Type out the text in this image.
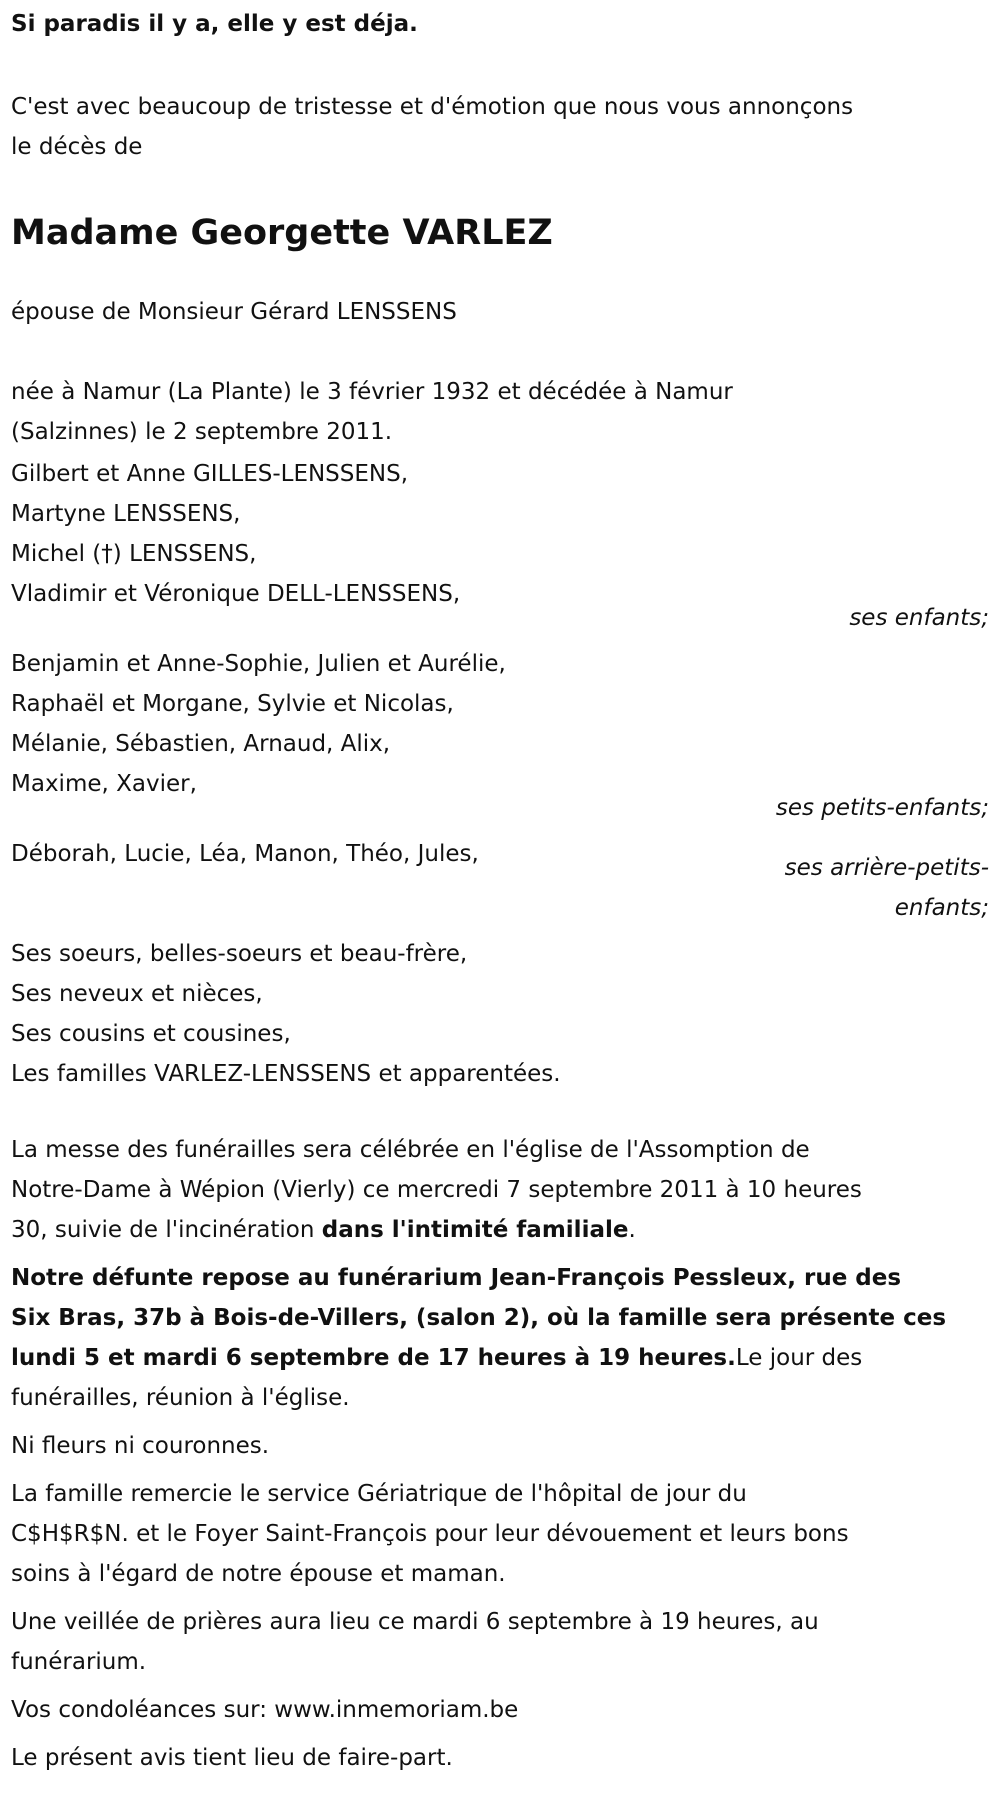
Si paradis il y a, elle y est déja.

C'est avec beaucoup de tristesse et d'émotion que nous vous annonçons
le décès de

Madame Georgette VARLEZ

épouse de Monsieur Gérard LENSSENS

née à Namur (La Plante) le 3 février 1932 et décédée à Namur
(Salzinnes) le 2 septembre 2011.

Gilbert et Anne GILLES-LENSSENS,
Martyne LENSSENS,
Michel (†) LENSSENS,
Vladimir et Véronique DELL-LENSSENS,
ses enfants;
Benjamin et Anne-Sophie, Julien et Aurélie,
Raphaël et Morgane, Sylvie et Nicolas,
Mélanie, Sébastien, Arnaud, Alix,
Maxime, Xavier,
ses petits-enfants;
Déborah, Lucie, Léa, Manon, Théo, Jules,
ses arrière-petits-
enfants;
Ses soeurs, belles-soeurs et beau-frère,
Ses neveux et nièces,
Ses cousins et cousines,
Les familles VARLEZ-LENSSENS et apparentées.

La messe des funérailles sera célébrée en l'église de l'Assomption de
Notre-Dame à Wépion (Vierly) ce mercredi 7 septembre 2011 à 10 heures
30, suivie de l'incinération dans l'intimité familiale.

Notre défunte repose au funérarium Jean-François Pessleux, rue des
Six Bras, 37b à Bois-de-Villers, (salon 2), où la famille sera présente ces
lundi 5 et mardi 6 septembre de 17 heures à 19 heures.Le jour des
funérailles, réunion à l'église.

Ni fleurs ni couronnes.

La famille remercie le service Gériatrique de l'hôpital de jour du
C$H$R$N. et le Foyer Saint-François pour leur dévouement et leurs bons
soins à l'égard de notre épouse et maman.

Une veillée de prières aura lieu ce mardi 6 septembre à 19 heures, au
funérarium.

Vos condoléances sur: www.inmemoriam.be

Le présent avis tient lieu de faire-part.
